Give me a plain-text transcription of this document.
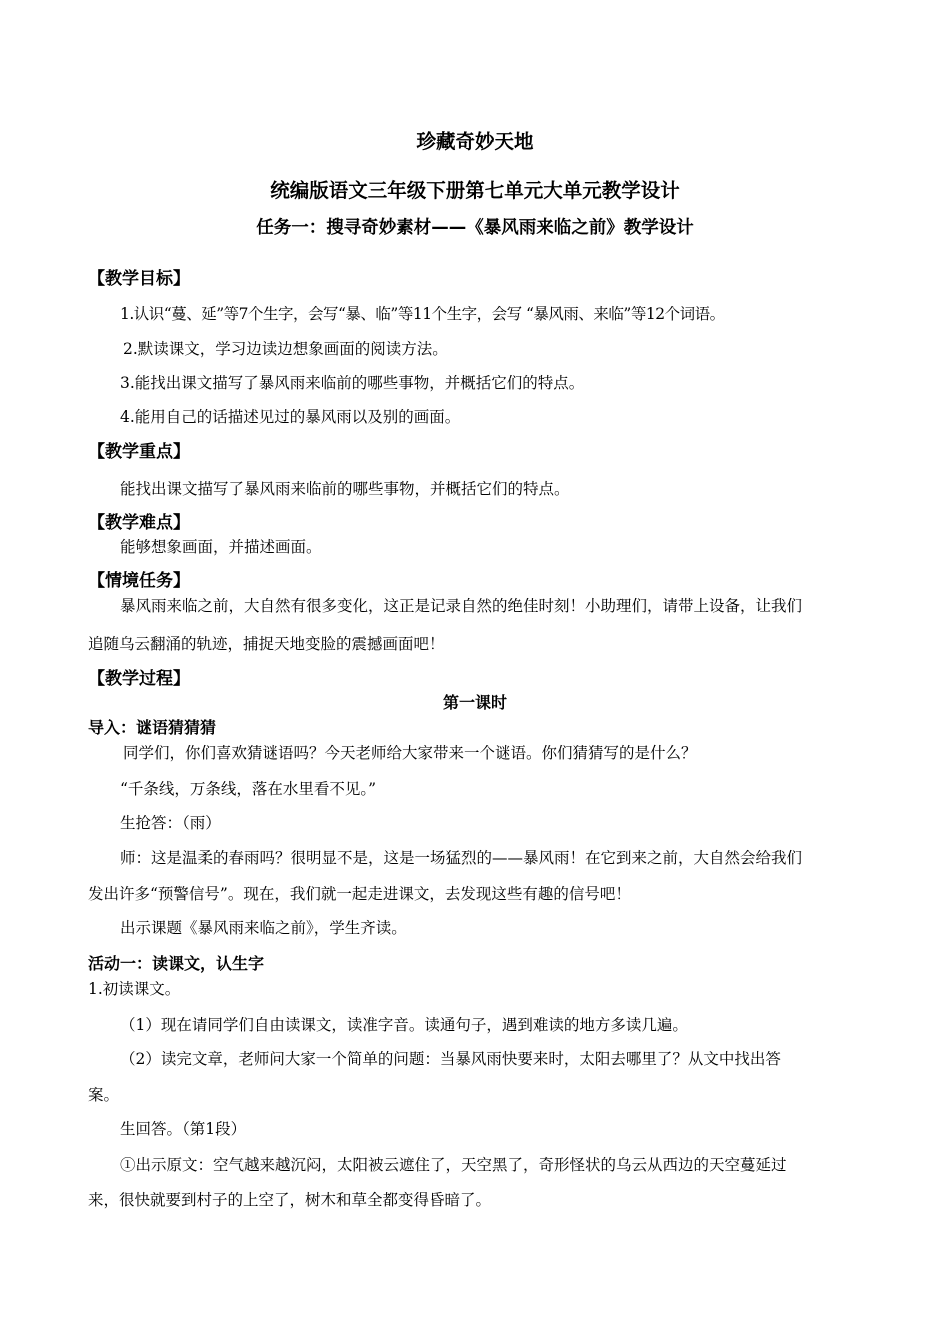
珍藏奇妙天地
统编版语文三年级下册第七单元大单元教学设计
任务一：搜寻奇妙素材——《暴风雨来临之前》教学设计
【教学目标】
1.认识“蔓、延”等7个生字，会写“暴、临”等11个生字，会写 “暴风雨、来临”等12个词语。
2.默读课文，学习边读边想象画面的阅读方法。
3.能找出课文描写了暴风雨来临前的哪些事物，并概括它们的特点。
4.能用自己的话描述见过的暴风雨以及别的画面。
【教学重点】
能找出课文描写了暴风雨来临前的哪些事物，并概括它们的特点。
【教学难点】
能够想象画面，并描述画面。
【情境任务】
暴风雨来临之前，大自然有很多变化，这正是记录自然的绝佳时刻！小助理们，请带上设备，让我们
追随乌云翻涌的轨迹，捕捉天地变脸的震撼画面吧！
【教学过程】
第一课时
导入：谜语猜猜猜
同学们，你们喜欢猜谜语吗？今天老师给大家带来一个谜语。你们猜猜写的是什么？
“千条线，万条线，落在水里看不见。”
生抢答：（雨）
师：这是温柔的春雨吗？很明显不是，这是一场猛烈的——暴风雨！在它到来之前，大自然会给我们
发出许多“预警信号”。现在，我们就一起走进课文，去发现这些有趣的信号吧！
出示课题《暴风雨来临之前》，学生齐读。
活动一：读课文，认生字
1.初读课文。
（1）现在请同学们自由读课文，读准字音。读通句子，遇到难读的地方多读几遍。
（2）读完文章，老师问大家一个简单的问题：当暴风雨快要来时，太阳去哪里了？从文中找出答
案。
生回答。（第1段）
①出示原文：空气越来越沉闷，太阳被云遮住了，天空黑了，奇形怪状的乌云从西边的天空蔓延过
来，很快就要到村子的上空了，树木和草全都变得昏暗了。
